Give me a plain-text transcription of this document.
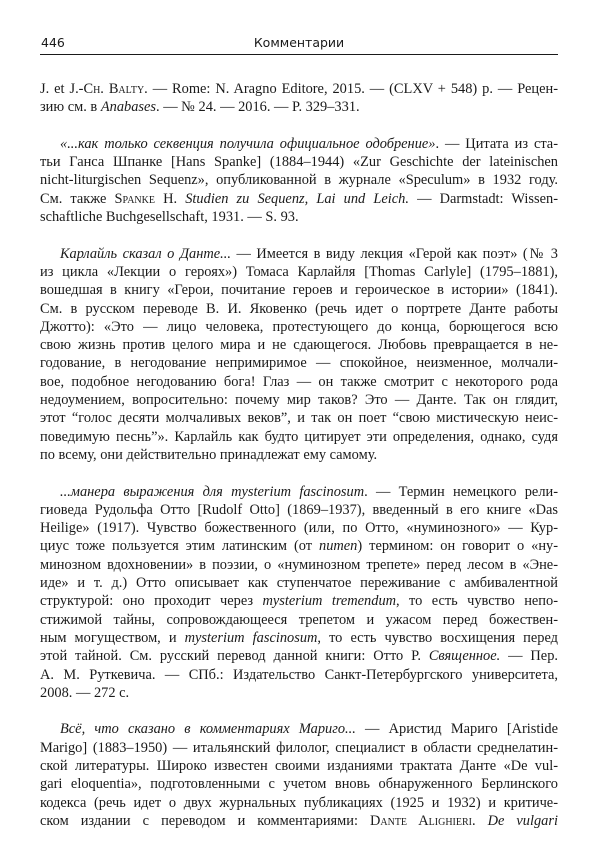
446	Комментарии
J. et J.-Ch. Balty. — Rome: N. Aragno Editore, 2015. — (CLXV + 548) p. — Рецен-
зию см. в Anabases. — № 24. — 2016. — P. 329–331.
«...как только секвенция получила официальное одобрение». — Цитата из ста-
тьи Ганса Шпанке [Hans Spanke] (1884–1944) «Zur Geschichte der lateinischen
nicht-liturgischen Sequenz», опубликованной в журнале «Speculum» в 1932 году.
См. также Spanke H. Studien zu Sequenz, Lai und Leich. — Darmstadt: Wissen-
schaftliche Buchgesellschaft, 1931. — S. 93.
Карлайль сказал о Данте... — Имеется в виду лекция «Герой как поэт» (№ 3
из цикла «Лекции о героях») Томаса Карлайля [Thomas Carlyle] (1795–1881),
вошедшая в книгу «Герои, почитание героев и героическое в истории» (1841).
См. в русском переводе В. И. Яковенко (речь идет о портрете Данте работы
Джотто): «Это — лицо человека, протестующего до конца, борющегося всю
свою жизнь против целого мира и не сдающегося. Любовь превращается в не-
годование, в негодование непримиримое — спокойное, неизменное, молчали-
вое, подобное негодованию бога! Глаз — он также смотрит с некоторого рода
недоумением, вопросительно: почему мир таков? Это — Данте. Так он глядит,
этот “голос десяти молчаливых веков”, и так он поет “свою мистическую неис-
поведимую песнь”». Карлайль как будто цитирует эти определения, однако, судя
по всему, они действительно принадлежат ему самому.
...манера выражения для mysterium fascinosum. — Термин немецкого рели-
гиоведа Рудольфа Отто [Rudolf Otto] (1869–1937), введенный в его книге «Das
Heilige» (1917). Чувство божественного (или, по Отто, «нуминозного» — Кур-
циус тоже пользуется этим латинским (от numen) термином: он говорит о «ну-
минозном вдохновении» в поэзии, о «нуминозном трепете» перед лесом в «Эне-
иде» и т. д.) Отто описывает как ступенчатое переживание с амбивалентной
структурой: оно проходит через mysterium tremendum, то есть чувство непо-
стижимой тайны, сопровождающееся трепетом и ужасом перед божествен-
ным могуществом, и mysterium fascinosum, то есть чувство восхищения перед
этой тайной. См. русский перевод данной книги: Отто Р. Священное. — Пер.
А. М. Руткевича. — СПб.: Издательство Санкт-Петербургского университета,
2008. — 272 с.
Всё, что сказано в комментариях Мариго... — Аристид Мариго [Aristide
Marigo] (1883–1950) — итальянский филолог, специалист в области среднелатин-
ской литературы. Широко известен своими изданиями трактата Данте «De vul-
gari eloquentia», подготовленными с учетом вновь обнаруженного Берлинского
кодекса (речь идет о двух журнальных публикациях (1925 и 1932) и критиче-
ском издании с переводом и комментариями: Dante Alighieri. De vulgari
